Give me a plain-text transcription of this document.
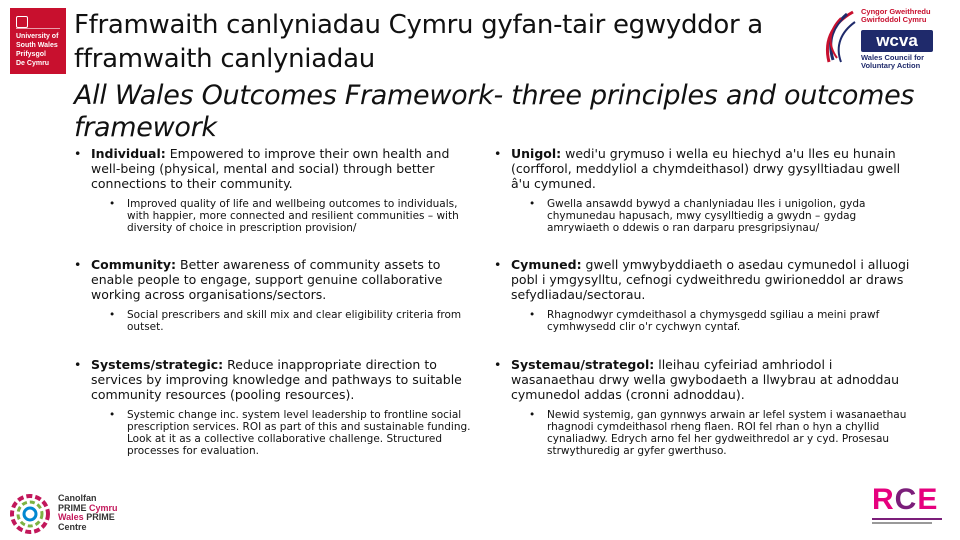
University of
South Wales
Prifysgol
De Cymru
Fframwaith canlyniadau Cymru gyfan-tair egwyddor a fframwaith canlyniadau
All Wales Outcomes Framework- three principles and outcomes framework
Cyngor Gweithredu
Gwirfoddol Cymru
wcva
Wales Council for
Voluntary Action
• Individual: Empowered to improve their own health and well-being (physical, mental and social) through better connections to their community.
• Improved quality of life and wellbeing outcomes to individuals, with happier, more connected and resilient communities – with diversity of choice in prescription provision/
• Community: Better awareness of community assets to enable people to engage, support genuine collaborative working across organisations/sectors.
• Social prescribers and skill mix and clear eligibility criteria from outset.
• Systems/strategic: Reduce inappropriate direction to services by improving knowledge and pathways to suitable community resources (pooling resources).
• Systemic change inc. system level leadership to frontline social prescription services. ROI as part of this and sustainable funding. Look at it as a collective collaborative challenge. Structured processes for evaluation.
• Unigol: wedi'u grymuso i wella eu hiechyd a'u lles eu hunain (corfforol, meddyliol a chymdeithasol) drwy gysylltiadau gwell â'u cymuned.
• Gwella ansawdd bywyd a chanlyniadau lles i unigolion, gyda chymunedau hapusach, mwy cysylltiedig a gwydn – gydag amrywiaeth o ddewis o ran darparu presgripsiynau/
• Cymuned: gwell ymwybyddiaeth o asedau cymunedol i alluogi pobl i ymgysylltu, cefnogi cydweithredu gwirioneddol ar draws sefydliadau/sectorau.
• Rhagnodwyr cymdeithasol a chymysgedd sgiliau a meini prawf cymhwysedd clir o'r cychwyn cyntaf.
• Systemau/strategol: lleihau cyfeiriad amhriodol i wasanaethau drwy wella gwybodaeth a llwybrau at adnoddau cymunedol addas (cronni adnoddau).
• Newid systemig, gan gynnwys arwain ar lefel system i wasanaethau rhagnodi cymdeithasol rheng flaen. ROI fel rhan o hyn a chyllid cynaliadwy. Edrych arno fel her gydweithredol ar y cyd. Prosesau strwythuredig ar gyfer gwerthuso.
Canolfan
PRIME Cymru
Wales PRIME
Centre
RCE
